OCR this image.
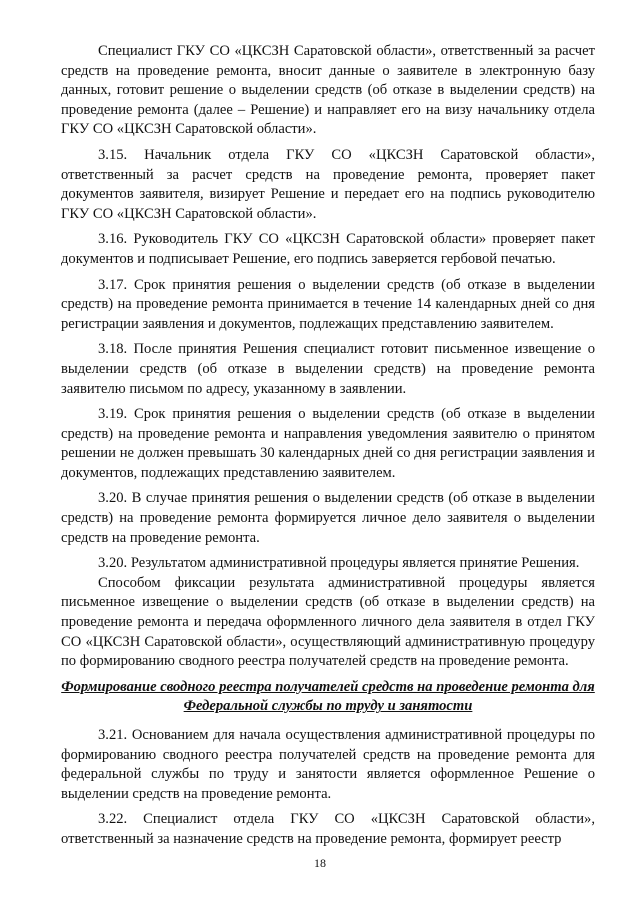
Специалист ГКУ СО «ЦКСЗН Саратовской области», ответственный за расчет средств на проведение ремонта, вносит данные о заявителе в электронную базу данных, готовит решение о выделении средств (об отказе в выделении средств) на проведение ремонта (далее – Решение) и направляет его на визу начальнику отдела ГКУ СО «ЦКСЗН Саратовской области».

3.15. Начальник отдела ГКУ СО «ЦКСЗН Саратовской области», ответственный за расчет средств на проведение ремонта, проверяет пакет документов заявителя, визирует Решение и передает его на подпись руководителю ГКУ СО «ЦКСЗН Саратовской области».

3.16. Руководитель ГКУ СО «ЦКСЗН Саратовской области» проверяет пакет документов и подписывает Решение, его подпись заверяется гербовой печатью.

3.17. Срок принятия решения о выделении средств (об отказе в выделении средств) на проведение ремонта принимается в течение 14 календарных дней со дня регистрации заявления и документов, подлежащих представлению заявителем.

3.18. После принятия Решения специалист готовит письменное извещение о выделении средств (об отказе в выделении средств) на проведение ремонта заявителю письмом по адресу, указанному в заявлении.

3.19. Срок принятия решения о выделении средств (об отказе в выделении средств) на проведение ремонта и направления уведомления заявителю о принятом решении не должен превышать 30 календарных дней со дня регистрации заявления и документов, подлежащих представлению заявителем.

3.20. В случае принятия решения о выделении средств (об отказе в выделении средств) на проведение ремонта формируется личное дело заявителя о выделении средств на проведение ремонта.

3.20. Результатом административной процедуры является принятие Решения.

Способом фиксации результата административной процедуры является письменное извещение о выделении средств (об отказе в выделении средств) на проведение ремонта и передача оформленного личного дела заявителя в отдел ГКУ СО «ЦКСЗН Саратовской области», осуществляющий административную процедуру по формированию сводного реестра получателей средств на проведение ремонта.

Формирование сводного реестра получателей средств на проведение ремонта для Федеральной службы по труду и занятости

3.21. Основанием для начала осуществления административной процедуры по формированию сводного реестра получателей средств на проведение ремонта для федеральной службы по труду и занятости является оформленное Решение о выделении средств на проведение ремонта.

3.22. Специалист отдела ГКУ СО «ЦКСЗН Саратовской области», ответственный за назначение средств на проведение ремонта, формирует реестр

18
